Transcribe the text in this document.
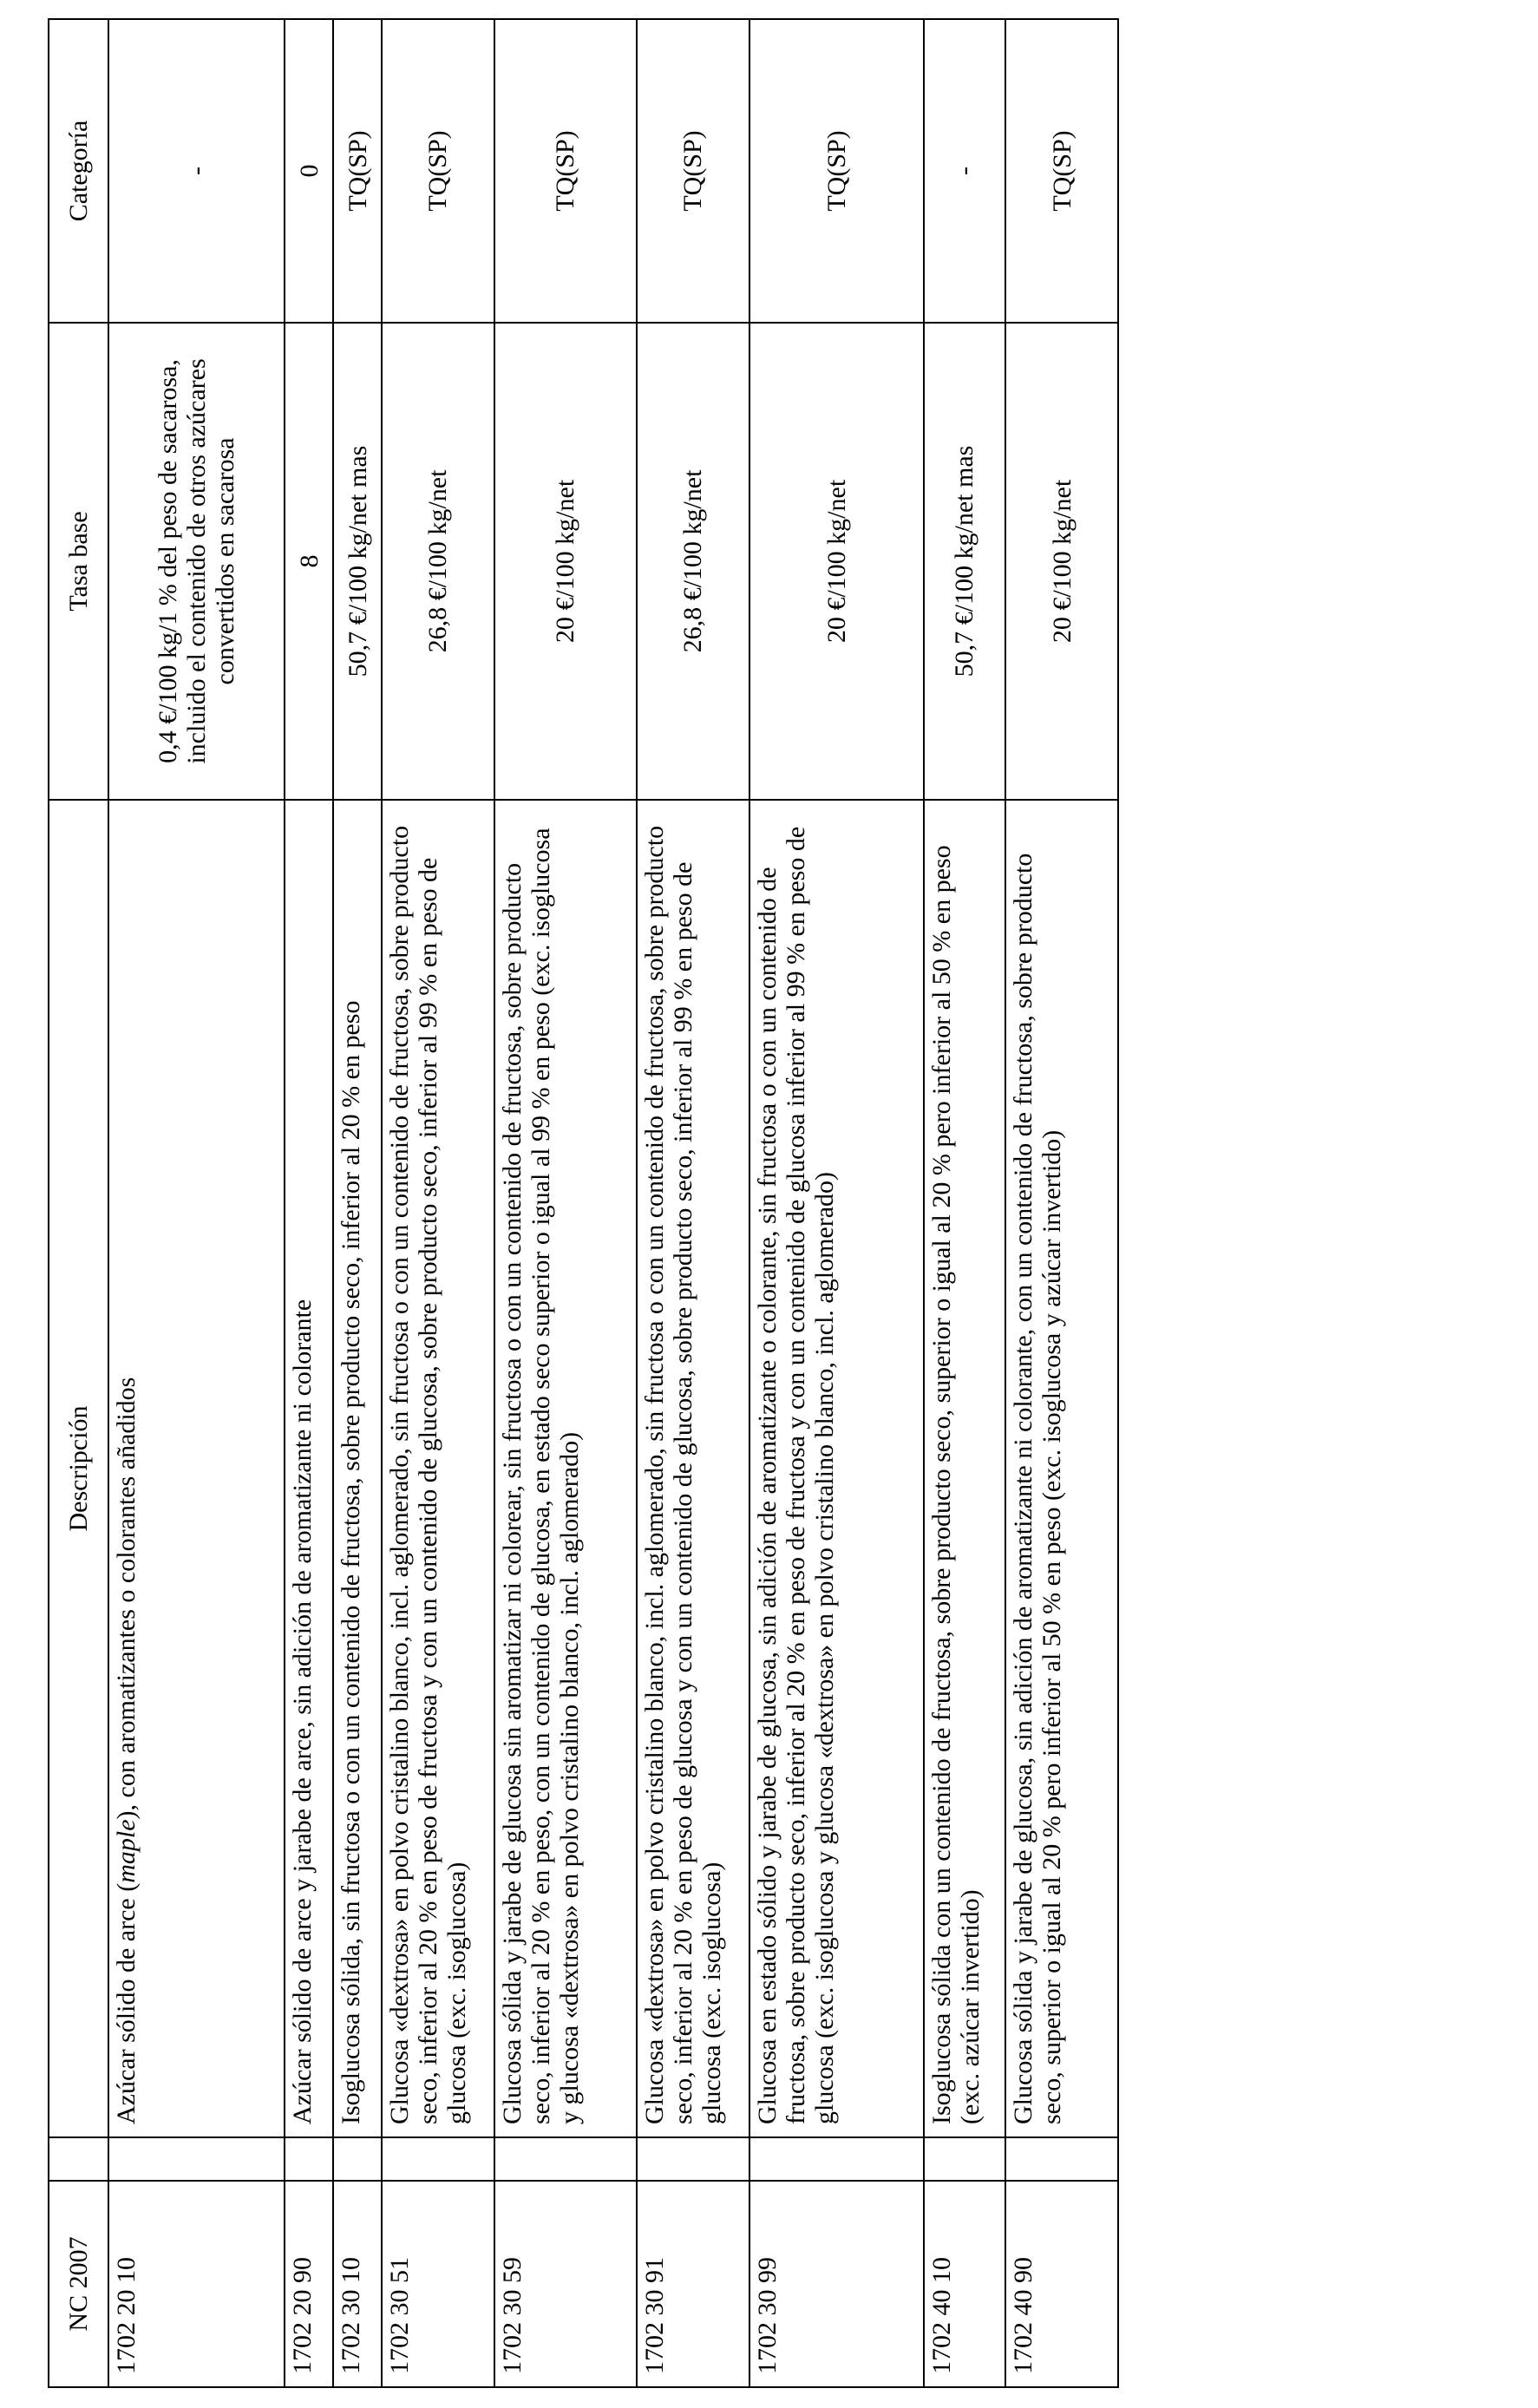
NC 2007		Descripción	Tasa base	Categoría
1702 20 10		Azúcar sólido de arce (maple), con aromatizantes o colorantes añadidos	0,4 €/100 kg/1 % del peso de sacarosa, incluido el contenido de otros azúcares convertidos en sacarosa	-
1702 20 90		Azúcar sólido de arce y jarabe de arce, sin adición de aromatizante ni colorante	8	0
1702 30 10		Isoglucosa sólida, sin fructosa o con un contenido de fructosa, sobre producto seco, inferior al 20 % en peso	50,7 €/100 kg/net mas	TQ(SP)
1702 30 51		Glucosa «dextrosa» en polvo cristalino blanco, incl. aglomerado, sin fructosa o con un contenido de fructosa, sobre producto seco, inferior al 20 % en peso de fructosa y con un contenido de glucosa, sobre producto seco, inferior al 99 % en peso de glucosa (exc. isoglucosa)	26,8 €/100 kg/net	TQ(SP)
1702 30 59		Glucosa sólida y jarabe de glucosa sin aromatizar ni colorear, sin fructosa o con un contenido de fructosa, sobre producto seco, inferior al 20 % en peso, con un contenido de glucosa, en estado seco superior o igual al 99 % en peso (exc. isoglucosa y glucosa «dextrosa» en polvo cristalino blanco, incl. aglomerado)	20 €/100 kg/net	TQ(SP)
1702 30 91		Glucosa «dextrosa» en polvo cristalino blanco, incl. aglomerado, sin fructosa o con un contenido de fructosa, sobre producto seco, inferior al 20 % en peso de glucosa y con un contenido de glucosa, sobre producto seco, inferior al 99 % en peso de glucosa (exc. isoglucosa)	26,8 €/100 kg/net	TQ(SP)
1702 30 99		Glucosa en estado sólido y jarabe de glucosa, sin adición de aromatizante o colorante, sin fructosa o con un contenido de fructosa, sobre producto seco, inferior al 20 % en peso de fructosa y con un contenido de glucosa inferior al 99 % en peso de glucosa (exc. isoglucosa y glucosa «dextrosa» en polvo cristalino blanco, incl. aglomerado)	20 €/100 kg/net	TQ(SP)
1702 40 10		Isoglucosa sólida con un contenido de fructosa, sobre producto seco, superior o igual al 20 % pero inferior al 50 % en peso (exc. azúcar invertido)	50,7 €/100 kg/net mas	-
1702 40 90		Glucosa sólida y jarabe de glucosa, sin adición de aromatizante ni colorante, con un contenido de fructosa, sobre producto seco, superior o igual al 20 % pero inferior al 50 % en peso (exc. isoglucosa y azúcar invertido)	20 €/100 kg/net	TQ(SP)
